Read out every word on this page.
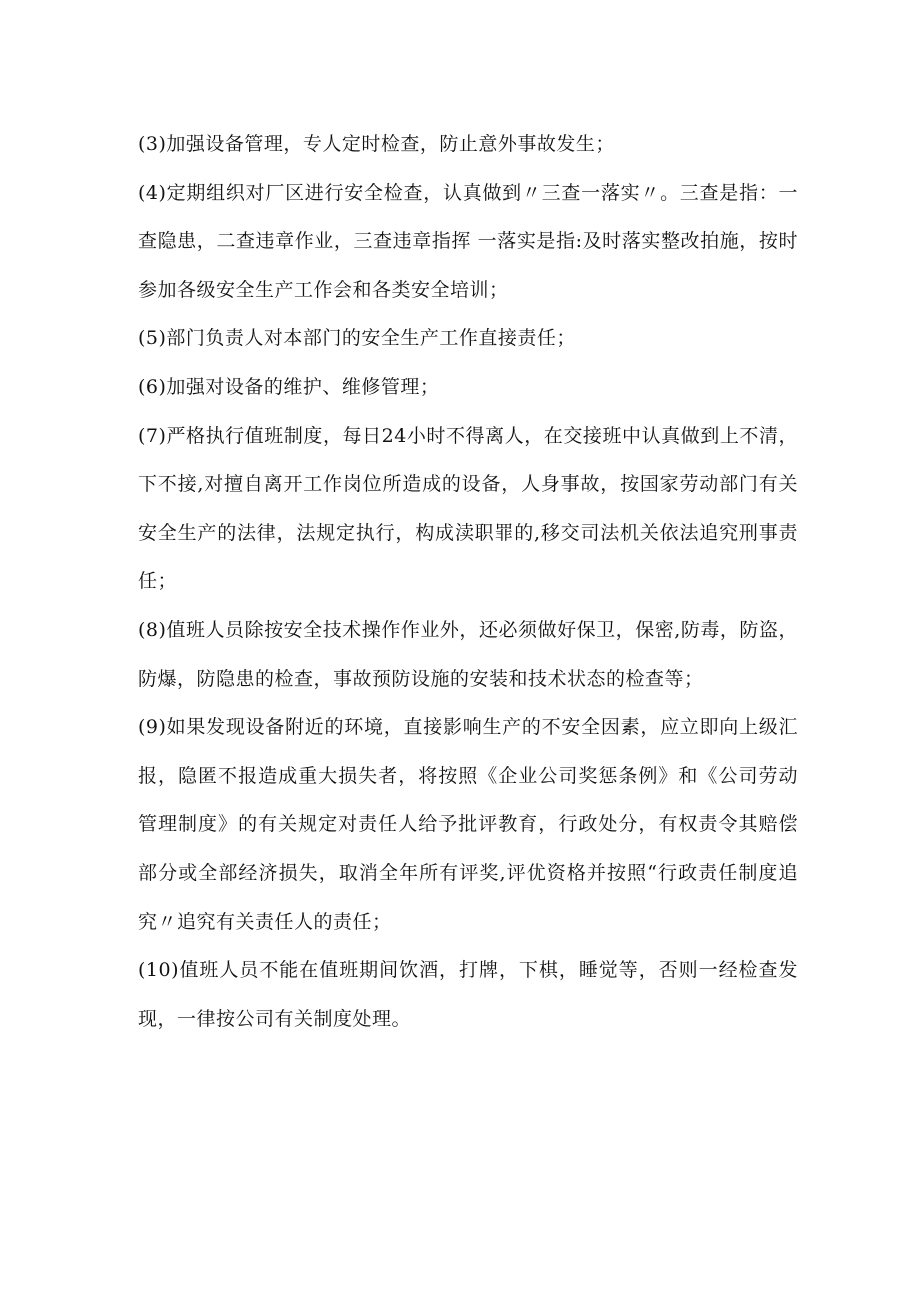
(3)加强设备管理，专人定时检查，防止意外事故发生；

(4)定期组织对厂区进行安全检查，认真做到〃三查一落实〃。三查是指：一查隐患，二查违章作业，三查违章指挥 一落实是指:及时落实整改拍施，按时参加各级安全生产工作会和各类安全培训；

(5)部门负责人对本部门的安全生产工作直接责任；

(6)加强对设备的维护、维修管理；

(7)严格执行值班制度，每日24小时不得离人，在交接班中认真做到上不清，下不接,对擅自离开工作岗位所造成的设备，人身事故，按国家劳动部门有关安全生产的法律，法规定执行，构成渎职罪的,移交司法机关依法追究刑事责任；

(8)值班人员除按安全技术操作作业外，还必须做好保卫，保密,防毒，防盗，防爆，防隐患的检查，事故预防设施的安装和技术状态的检查等；

(9)如果发现设备附近的环境，直接影响生产的不安全因素，应立即向上级汇报，隐匿不报造成重大损失者，将按照《企业公司奖惩条例》和《公司劳动管理制度》的有关规定对责任人给予批评教育，行政处分，有权责令其赔偿部分或全部经济损失，取消全年所有评奖,评优资格并按照“行政责任制度追究〃追究有关责任人的责任；

(10)值班人员不能在值班期间饮酒，打牌，下棋，睡觉等，否则一经检查发现，一律按公司有关制度处理。
